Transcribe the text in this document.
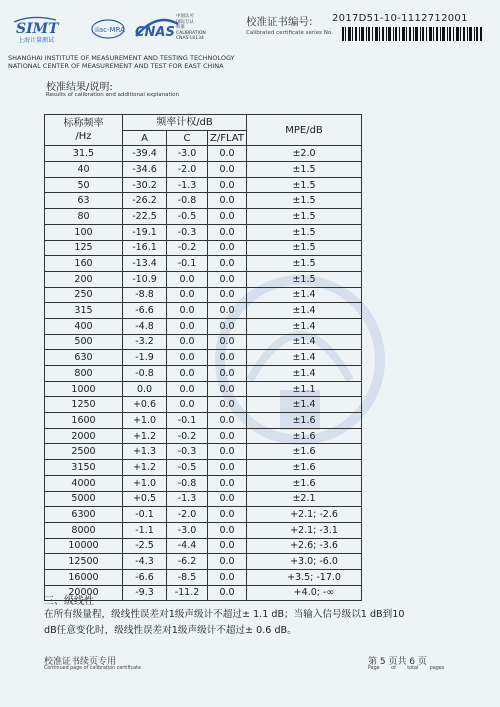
SIMT
上海计量测试
ilac-MRA CNAS
中国认可
国际互认
校准
CALIBRATION
CNAS L0134
校准证书编号:
Calibrated certificate series No.
2017D51-10-1112712001
SHANGHAI INSTITUTE OF MEASUREMENT AND TESTING TECHNOLOGY
NATIONAL CENTER OF MEASUREMENT AND TEST FOR EAST CHINA
校准结果/说明:
Results of calibration and additional explanation
标称频率
/Hz	频率计权/dB			MPE/dB
	A	C	Z/FLAT	
31.5	-39.4	-3.0	0.0	±2.0
40	-34.6	-2.0	0.0	±1.5
50	-30.2	-1.3	0.0	±1.5
63	-26.2	-0.8	0.0	±1.5
80	-22.5	-0.5	0.0	±1.5
100	-19.1	-0.3	0.0	±1.5
125	-16.1	-0.2	0.0	±1.5
160	-13.4	-0.1	0.0	±1.5
200	-10.9	0.0	0.0	±1.5
250	-8.8	0.0	0.0	±1.4
315	-6.6	0.0	0.0	±1.4
400	-4.8	0.0	0.0	±1.4
500	-3.2	0.0	0.0	±1.4
630	-1.9	0.0	0.0	±1.4
800	-0.8	0.0	0.0	±1.4
1000	0.0	0.0	0.0	±1.1
1250	+0.6	0.0	0.0	±1.4
1600	+1.0	-0.1	0.0	±1.6
2000	+1.2	-0.2	0.0	±1.6
2500	+1.3	-0.3	0.0	±1.6
3150	+1.2	-0.5	0.0	±1.6
4000	+1.0	-0.8	0.0	±1.6
5000	+0.5	-1.3	0.0	±2.1
6300	-0.1	-2.0	0.0	+2.1; -2.6
8000	-1.1	-3.0	0.0	+2.1; -3.1
10000	-2.5	-4.4	0.0	+2.6; -3.6
12500	-4.3	-6.2	0.0	+3.0; -6.0
16000	-6.6	-8.5	0.0	+3.5; -17.0
20000	-9.3	-11.2	0.0	+4.0; -∞
三、级线性
在所有级量程，级线性误差对1级声级计不超过± 1.1 dB；当输入信号级以1 dB到10
dB任意变化时，级线性误差对1级声级计不超过± 0.6 dB。
校准证书续页专用
Continued page of calibration certificate
第 5 页共 6 页
Page of total pages
